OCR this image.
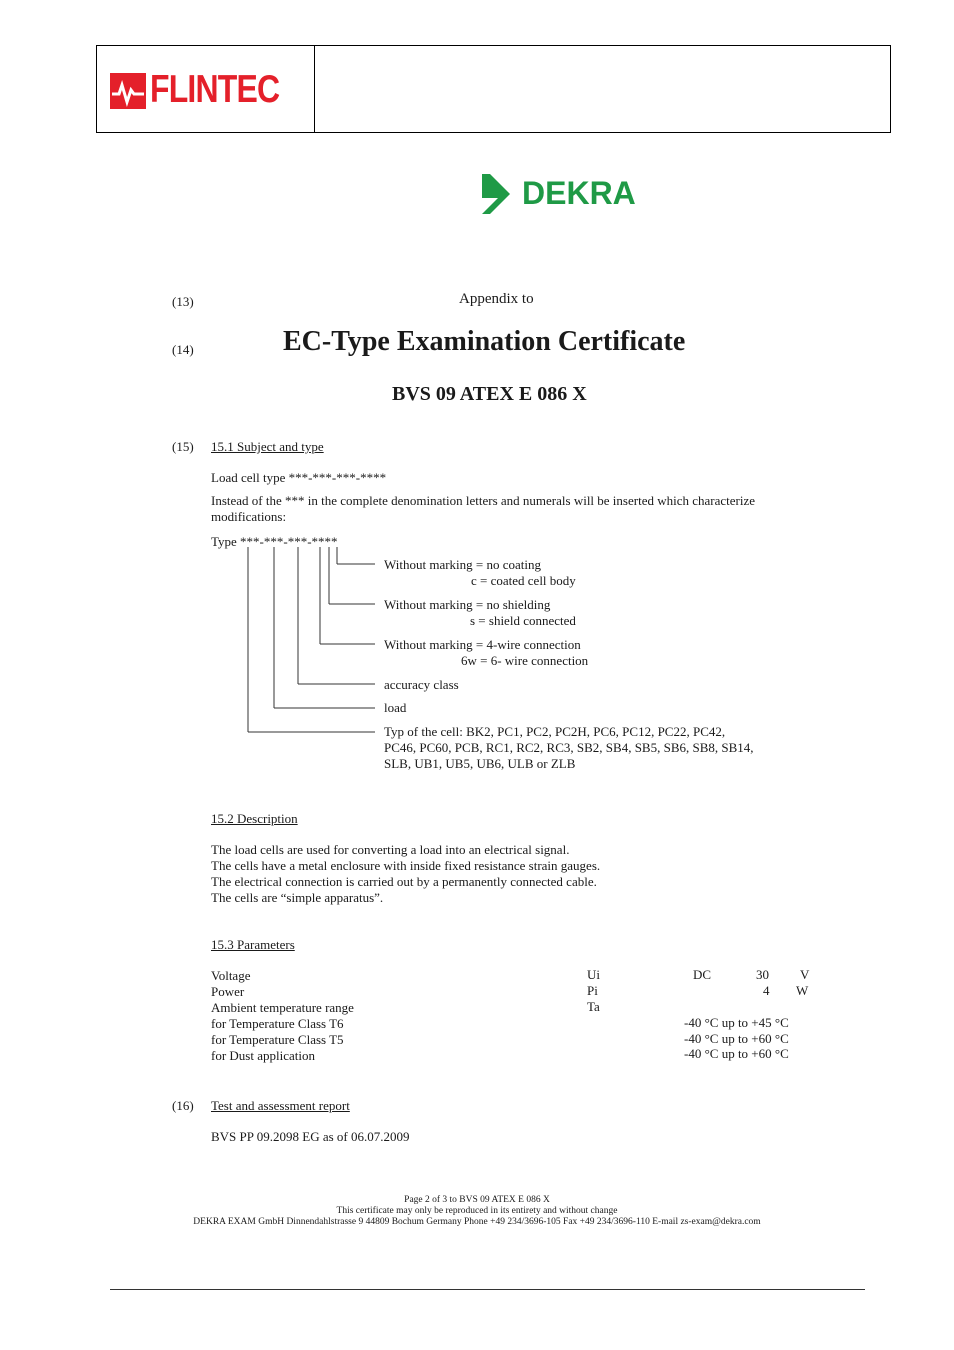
FLINTEC
DEKRA
(13)	Appendix to
(14)	EC-Type Examination Certificate
BVS 09 ATEX E 086 X
(15) 15.1 Subject and type
Load cell type ***-***-***-****
Instead of the *** in the complete denomination letters and numerals will be inserted which characterize
modifications:
Type ***-***-***-****
Without marking = no coating
c = coated cell body
Without marking = no shielding
s = shield connected
Without marking = 4-wire connection
6w = 6- wire connection
accuracy class
load
Typ of the cell: BK2, PC1, PC2, PC2H, PC6, PC12, PC22, PC42,
PC46, PC60, PCB, RC1, RC2, RC3, SB2, SB4, SB5, SB6, SB8, SB14,
SLB, UB1, UB5, UB6, ULB or ZLB
15.2 Description
The load cells are used for converting a load into an electrical signal.
The cells have a metal enclosure with inside fixed resistance strain gauges.
The electrical connection is carried out by a permanently connected cable.
The cells are “simple apparatus”.
15.3 Parameters
Voltage	Ui	DC	30 V
Power	Pi	4 W
Ambient temperature range	Ta
for Temperature Class T6	-40 °C up to +45 °C
for Temperature Class T5	-40 °C up to +60 °C
for Dust application	-40 °C up to +60 °C
(16) Test and assessment report
BVS PP 09.2098 EG as of 06.07.2009
Page 2 of 3 to BVS 09 ATEX E 086 X
This certificate may only be reproduced in its entirety and without change
DEKRA EXAM GmbH Dinnendahlstrasse 9 44809 Bochum Germany Phone +49 234/3696-105 Fax +49 234/3696-110 E-mail zs-exam@dekra.com
